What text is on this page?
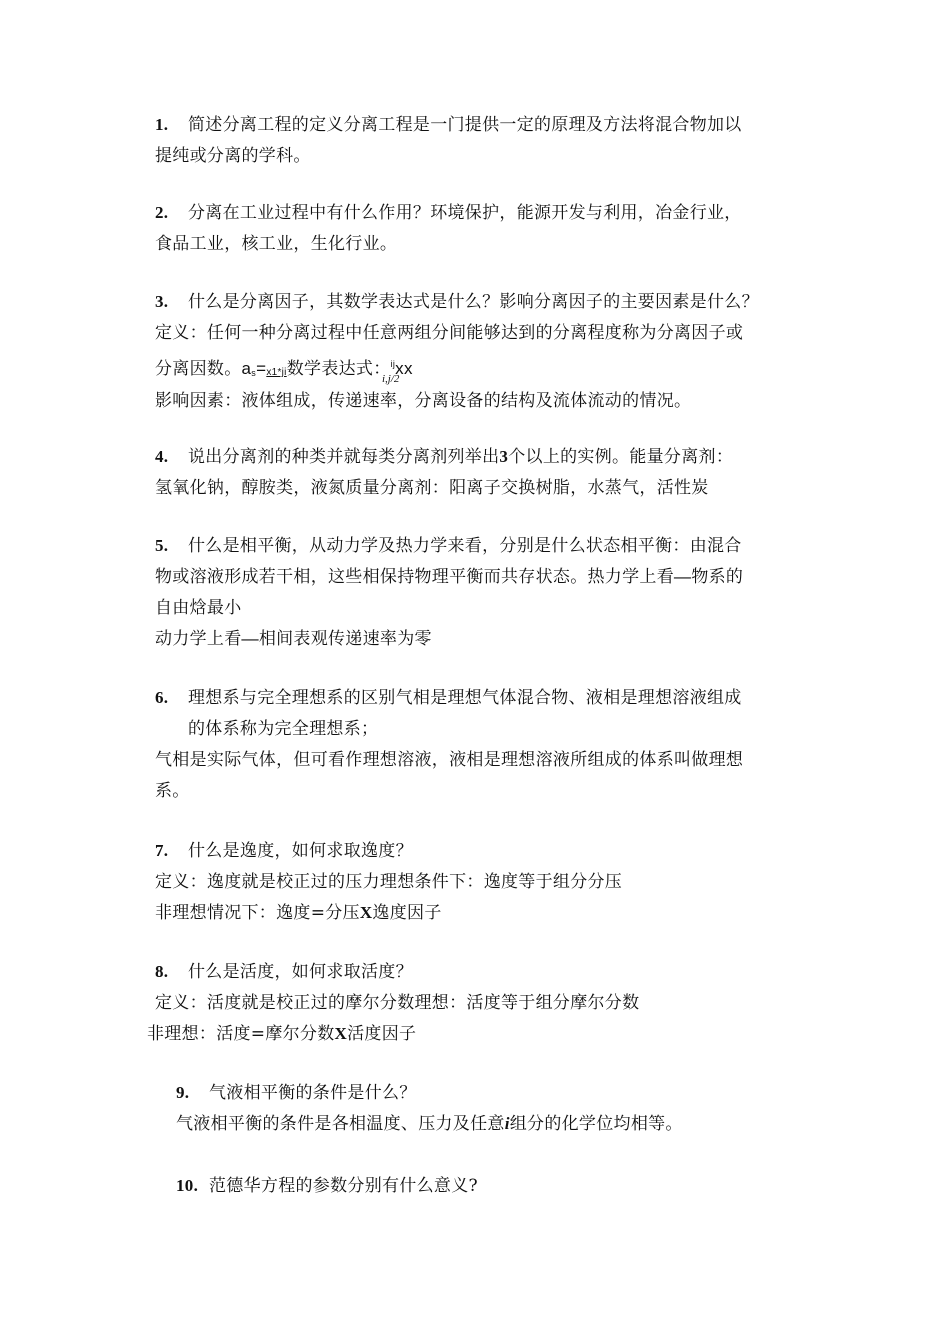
1. 简述分离工程的定义分离工程是一门提供一定的原理及方法将混合物加以
提纯或分离的学科。
2. 分离在工业过程中有什么作用？环境保护，能源开发与利用，冶金行业，
食品工业，核工业，生化行业。
3. 什么是分离因子，其数学表达式是什么？影响分离因子的主要因素是什么？
定义：任何一种分离过程中任意两组分间能够达到的分离程度称为分离因子或
分离因数。as=x1*ji数学表达式：$^{ij}$xx
i,j/2
影响因素：液体组成，传递速率，分离设备的结构及流体流动的情况。
4. 说出分离剂的种类并就每类分离剂列举出3个以上的实例。能量分离剂：
氢氧化钠，醇胺类，液氮质量分离剂：阳离子交换树脂，水蒸气，活性炭
5. 什么是相平衡，从动力学及热力学来看，分别是什么状态相平衡：由混合
物或溶液形成若干相，这些相保持物理平衡而共存状态。热力学上看—物系的
自由焓最小
动力学上看—相间表观传递速率为零
6. 理想系与完全理想系的区别气相是理想气体混合物、液相是理想溶液组成
的体系称为完全理想系；
气相是实际气体，但可看作理想溶液，液相是理想溶液所组成的体系叫做理想
系。
7. 什么是逸度，如何求取逸度？
定义：逸度就是校正过的压力理想条件下：逸度等于组分分压
非理想情况下：逸度=分压X逸度因子
8. 什么是活度，如何求取活度？
定义：活度就是校正过的摩尔分数理想：活度等于组分摩尔分数
非理想：活度=摩尔分数X活度因子
9. 气液相平衡的条件是什么？
气液相平衡的条件是各相温度、压力及任意i组分的化学位均相等。
10. 范德华方程的参数分别有什么意义?
